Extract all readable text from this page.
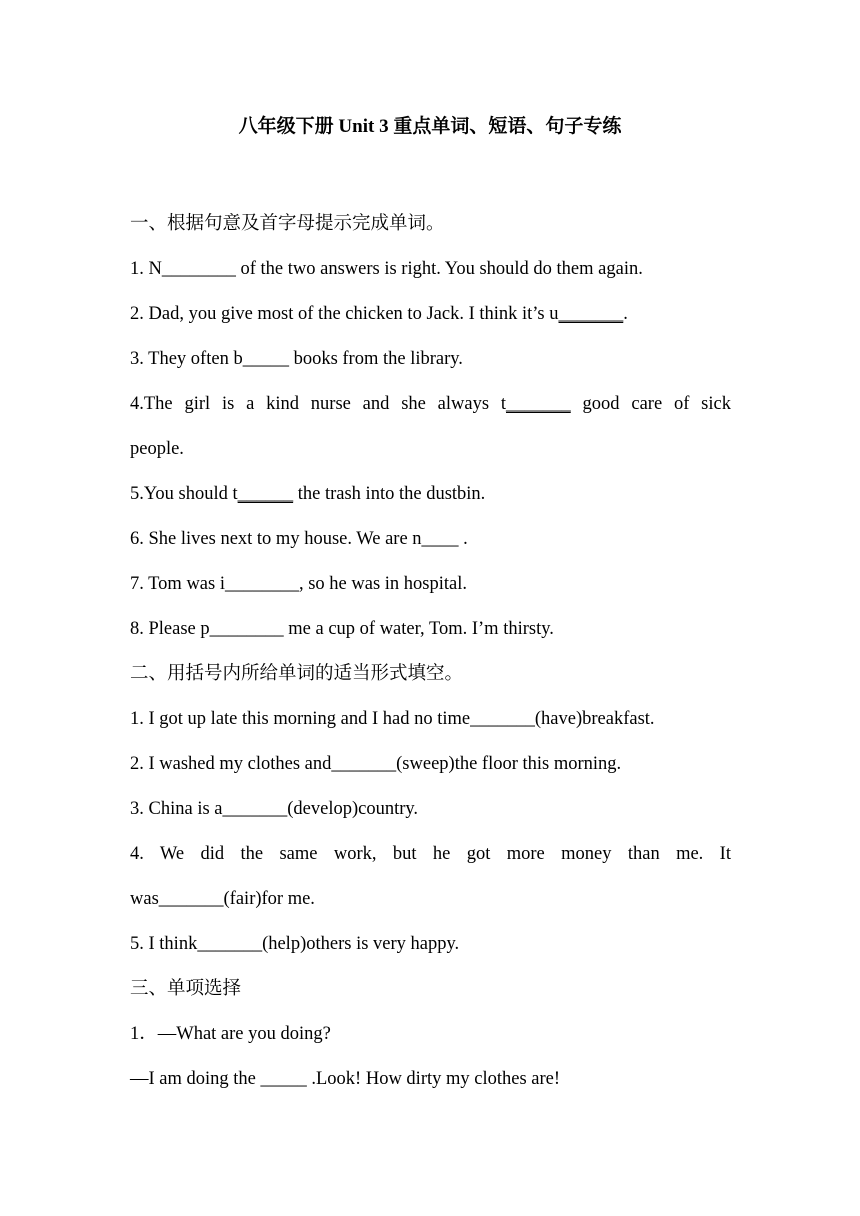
八年级下册 Unit 3 重点单词、短语、句子专练
一、根据句意及首字母提示完成单词。
1. N________ of the two answers is right. You should do them again.
2. Dad, you give most of the chicken to Jack. I think it’s u_______.
3. They often b_____ books from the library.
4.The girl is a kind nurse and she always t_______ good care of sick
people.
5.You should t______ the trash into the dustbin.
6. She lives next to my house. We are n____ .
7. Tom was i________, so he was in hospital.
8. Please p________ me a cup of water, Tom. I’m thirsty.
二、用括号内所给单词的适当形式填空。
1. I got up late this morning and I had no time_______(have)breakfast.
2. I washed my clothes and_______(sweep)the floor this morning.
3. China is a_______(develop)country.
4. We did the same work, but he got more money than me. It
was_______(fair)for me.
5. I think_______(help)others is very happy.
三、单项选择
1．—What are you doing?
—I am doing the _____ .Look! How dirty my clothes are!
